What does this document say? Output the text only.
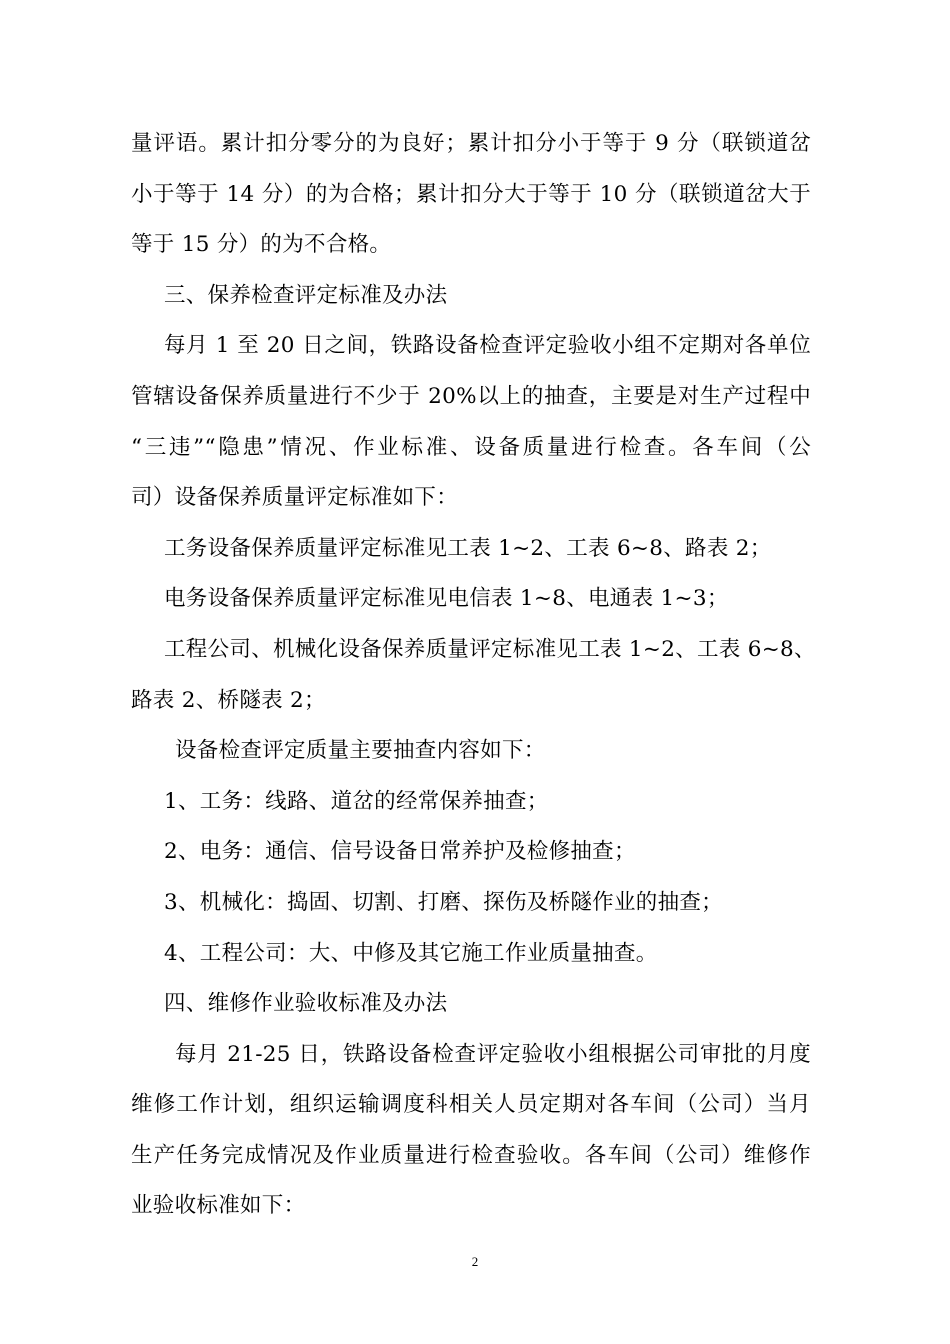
量评语。累计扣分零分的为良好；累计扣分小于等于 9 分（联锁道岔
小于等于 14 分）的为合格；累计扣分大于等于 10 分（联锁道岔大于
等于 15 分）的为不合格。
三、保养检查评定标准及办法
每月 1 至 20 日之间，铁路设备检查评定验收小组不定期对各单位
管辖设备保养质量进行不少于 20%以上的抽查，主要是对生产过程中
“三违”“隐患”情况、作业标准、设备质量进行检查。各车间（公
司）设备保养质量评定标准如下：
工务设备保养质量评定标准见工表 1~2、工表 6~8、路表 2；
电务设备保养质量评定标准见电信表 1~8、电通表 1~3；
工程公司、机械化设备保养质量评定标准见工表 1~2、工表 6~8、
路表 2、桥隧表 2；
设备检查评定质量主要抽查内容如下：
1、工务：线路、道岔的经常保养抽查；
2、电务：通信、信号设备日常养护及检修抽查；
3、机械化：捣固、切割、打磨、探伤及桥隧作业的抽查；
4、工程公司：大、中修及其它施工作业质量抽查。
四、维修作业验收标准及办法
每月 21-25 日，铁路设备检查评定验收小组根据公司审批的月度
维修工作计划，组织运输调度科相关人员定期对各车间（公司）当月
生产任务完成情况及作业质量进行检查验收。各车间（公司）维修作
业验收标准如下：
2
